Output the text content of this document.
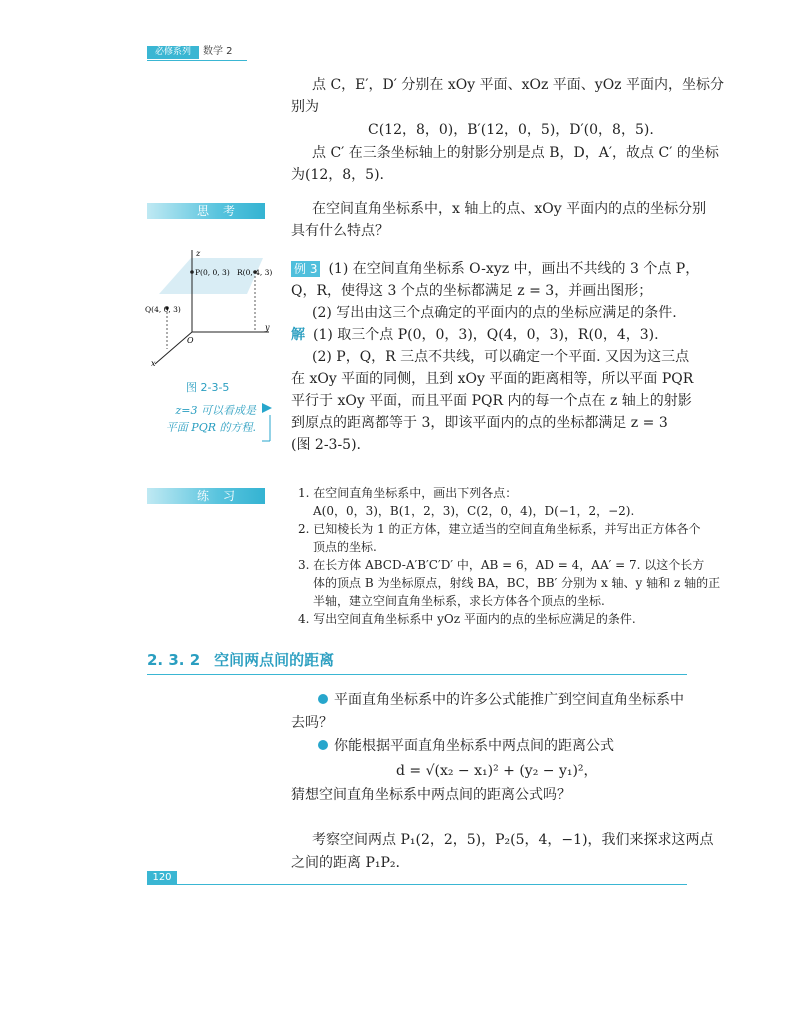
必修系列	数学 2
点 C，E′，D′ 分别在 xOy 平面、xOz 平面、yOz 平面内，坐标分
别为
C(12，8，0)，B′(12，0，5)，D′(0，8，5).
点 C′ 在三条坐标轴上的射影分别是点 B，D，A′，故点 C′ 的坐标
为(12，8，5).
思考	在空间直角坐标系中，x 轴上的点、xOy 平面内的点的坐标分别
具有什么特点？
z
x
y
O
P(0, 0, 3) R(0, 4, 3)
Q(4, 0, 3)
图 2-3-5
z=3 可以看成是
平面 PQR 的方程.
例 3 (1) 在空间直角坐标系 O-xyz 中，画出不共线的 3 个点 P，
Q，R，使得这 3 个点的坐标都满足 z = 3，并画出图形；
(2) 写出由这三个点确定的平面内的点的坐标应满足的条件.
解 (1) 取三个点 P(0，0，3)，Q(4，0，3)，R(0，4，3).
(2) P，Q，R 三点不共线，可以确定一个平面. 又因为这三点
在 xOy 平面的同侧，且到 xOy 平面的距离相等，所以平面 PQR
平行于 xOy 平面，而且平面 PQR 内的每一个点在 z 轴上的射影
到原点的距离都等于 3，即该平面内的点的坐标都满足 z = 3
(图 2-3-5).
练习	1. 在空间直角坐标系中，画出下列各点：
A(0，0，3)，B(1，2，3)，C(2，0，4)，D(−1，2，−2).
2. 已知棱长为 1 的正方体，建立适当的空间直角坐标系，并写出正方体各个
顶点的坐标.
3. 在长方体 ABCD-A′B′C′D′ 中，AB = 6，AD = 4，AA′ = 7. 以这个长方
体的顶点 B 为坐标原点，射线 BA，BC，BB′ 分别为 x 轴、y 轴和 z 轴的正
半轴，建立空间直角坐标系，求长方体各个顶点的坐标.
4. 写出空间直角坐标系中 yOz 平面内的点的坐标应满足的条件.
2. 3. 2 空间两点间的距离
平面直角坐标系中的许多公式能推广到空间直角坐标系中
去吗？
你能根据平面直角坐标系中两点间的距离公式
d = √(x₂ − x₁)² + (y₂ − y₁)²，
猜想空间直角坐标系中两点间的距离公式吗？
考察空间两点 P₁(2，2，5)，P₂(5，4，−1)，我们来探求这两点
之间的距离 P₁P₂.
120
